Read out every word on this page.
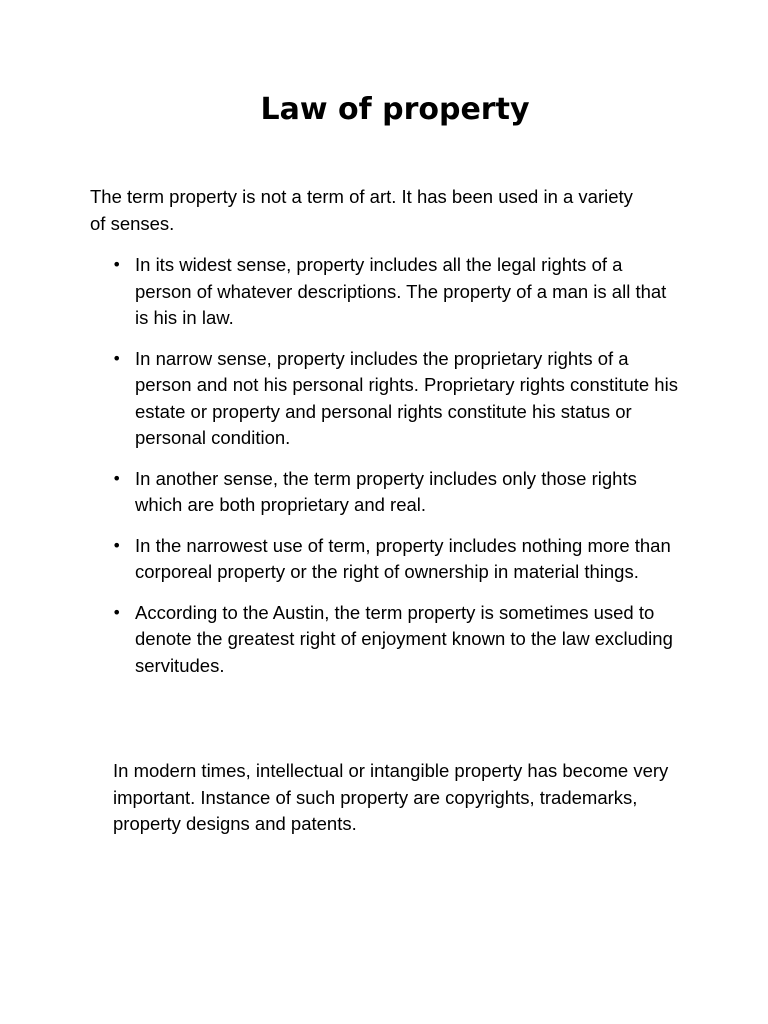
Law of property

The term property is not a term of art. It has been used in a variety of senses.

• In its widest sense, property includes all the legal rights of a person of whatever descriptions. The property of a man is all that is his in law.
• In narrow sense, property includes the proprietary rights of a person and not his personal rights. Proprietary rights constitute his estate or property and personal rights constitute his status or personal condition.
• In another sense, the term property includes only those rights which are both proprietary and real.
• In the narrowest use of term, property includes nothing more than corporeal property or the right of ownership in material things.
• According to the Austin, the term property is sometimes used to denote the greatest right of enjoyment known to the law excluding servitudes.

In modern times, intellectual or intangible property has become very important. Instance of such property are copyrights, trademarks, property designs and patents.
